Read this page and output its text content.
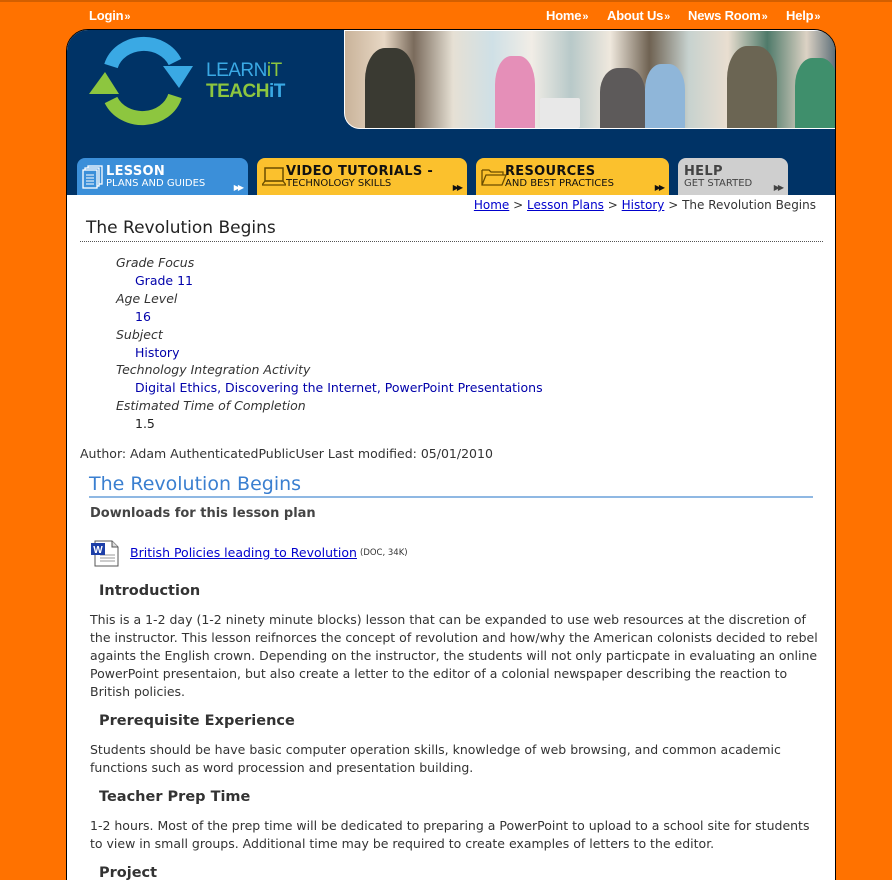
Login»	Home» About Us» News Room» Help»
LEARNiT
TEACHiT
LESSON
PLANS AND GUIDES	▶▶
VIDEO TUTORIALS -
TECHNOLOGY SKILLS	▶▶
RESOURCES
AND BEST PRACTICES	▶▶
HELP
GET STARTED	▶▶
Home > Lesson Plans > History > The Revolution Begins
The Revolution Begins
Grade Focus
Grade 11
Age Level
16
Subject
History
Technology Integration Activity
Digital Ethics, Discovering the Internet, PowerPoint Presentations
Estimated Time of Completion
1.5
Author: Adam AuthenticatedPublicUser Last modified: 05/01/2010
The Revolution Begins
Downloads for this lesson plan
W British Policies leading to Revolution (DOC, 34K)
Introduction

This is a 1-2 day (1-2 ninety minute blocks) lesson that can be expanded to use web resources at the discretion of the instructor. This lesson reifnorces the concept of revolution and how/why the American colonists decided to rebel againts the English crown. Depending on the instructor, the students will not only particpate in evaluating an online PowerPoint presentaion, but also create a letter to the editor of a colonial newspaper describing the reaction to British policies.

Prerequisite Experience

Students should be have basic computer operation skills, knowledge of web browsing, and common academic functions such as word procession and presentation building.

Teacher Prep Time

1-2 hours. Most of the prep time will be dedicated to preparing a PowerPoint to upload to a school site for students to view in small groups. Additional time may be required to create examples of letters to the editor.

Project
